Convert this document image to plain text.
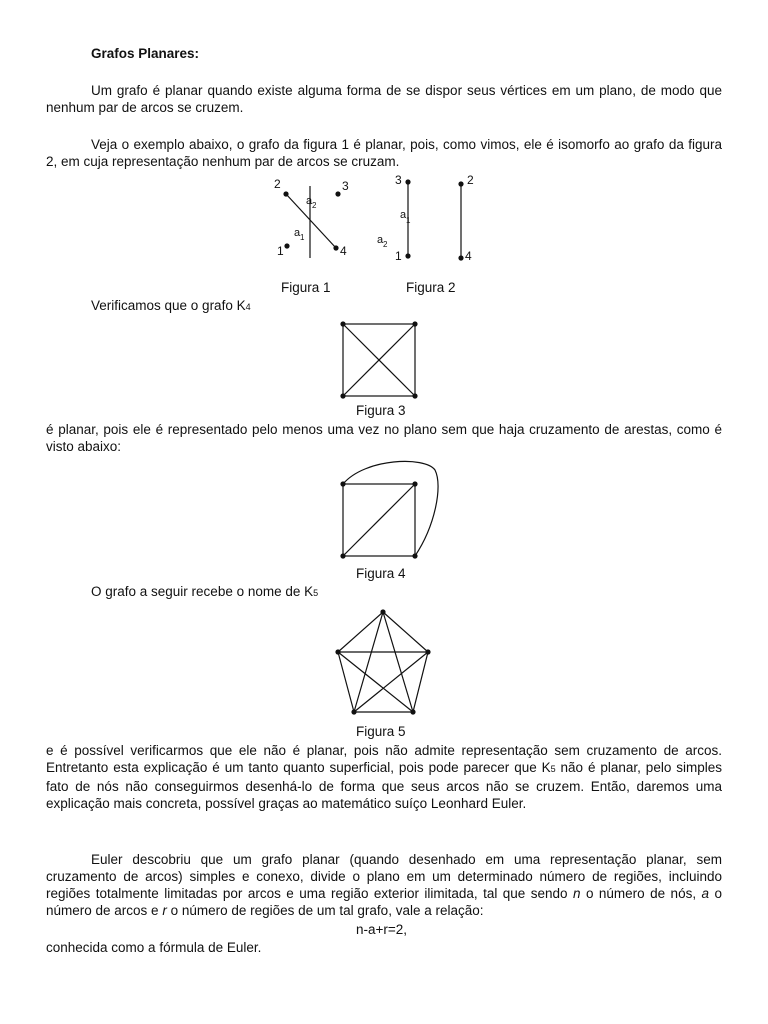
Grafos Planares:
Um grafo é planar quando existe alguma forma de se dispor seus vértices em um plano, de modo que nenhum par de arcos se cruzem.
Veja o exemplo abaixo, o grafo da figura 1 é planar, pois, como vimos, ele é isomorfo ao grafo da figura 2, em cuja representação nenhum par de arcos se cruzam.
2	3
1	4
a 2
a 1
3
1
2
4
a 1
a 2
Figura 1	Figura 2
Verificamos que o grafo K4
Figura 3
é planar, pois ele é representado pelo menos uma vez no plano sem que haja cruzamento de arestas, como é visto abaixo:
Figura 4
O grafo a seguir recebe o nome de K5
Figura 5
e é possível verificarmos que ele não é planar, pois não admite representação sem cruzamento de arcos. Entretanto esta explicação é um tanto quanto superficial, pois pode parecer que K5 não é planar, pelo simples fato de nós não conseguirmos desenhá-lo de forma que seus arcos não se cruzem. Então, daremos uma explicação mais concreta, possível graças ao matemático suíço Leonhard Euler.
Euler descobriu que um grafo planar (quando desenhado em uma representação planar, sem cruzamento de arcos) simples e conexo, divide o plano em um determinado número de regiões, incluindo regiões totalmente limitadas por arcos e uma região exterior ilimitada, tal que sendo n o número de nós, a o número de arcos e r o número de regiões de um tal grafo, vale a relação:
n-a+r=2,
conhecida como a fórmula de Euler.
